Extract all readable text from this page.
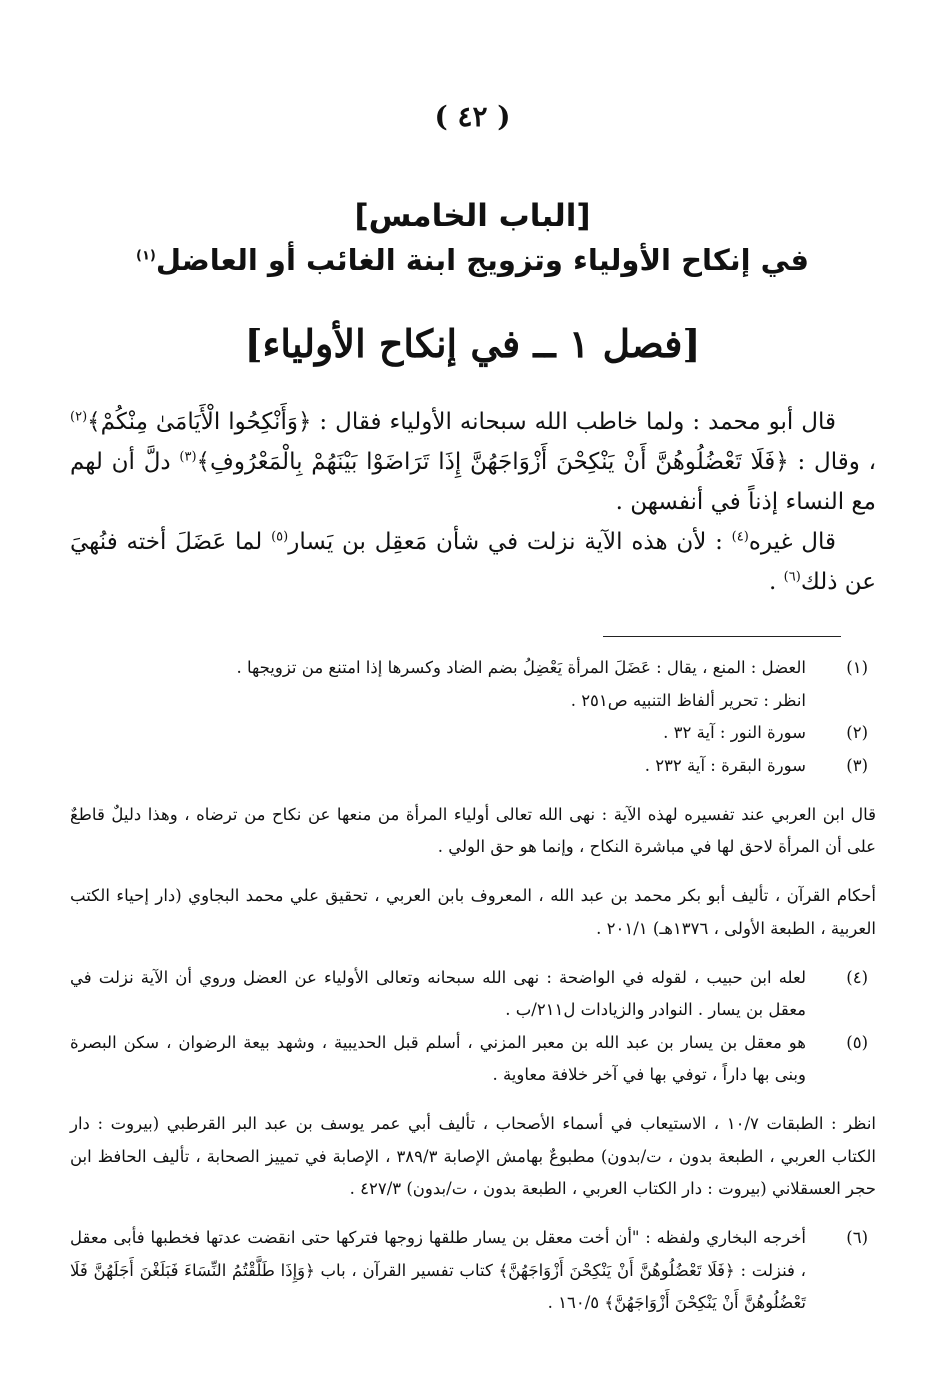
( ٤٢ )
[الباب الخامس]
في إنكاح الأولياء وتزويج ابنة الغائب أو العاضل$^{(١)}$
[فصل ١ ــ في إنكاح الأولياء]

قال أبو محمد : ولما خاطب الله سبحانه الأولياء فقال : ﴿وَأَنْكِحُوا الْأَيَامَىٰ مِنْكُمْ﴾$^{(٢)}$ ، وقال : ﴿فَلَا تَعْضُلُوهُنَّ أَنْ يَنْكِحْنَ أَزْوَاجَهُنَّ إِذَا تَرَاضَوْا بَيْنَهُمْ بِالْمَعْرُوفِ﴾$^{(٣)}$ دلَّ أن لهم مع النساء إذناً في أنفسهن .

قال غيره$^{(٤)}$ : لأن هذه الآية نزلت في شأن مَعقِل بن يَسار$^{(٥)}$ لما عَضَلَ أخته فنُهيَ عن ذلك$^{(٦)}$ .

(١)

العضل : المنع ، يقال : عَضَلَ المرأة يَعْضِلُ بضم الضاد وكسرها إذا امتنع من تزويجها .

انظر : تحرير ألفاظ التنبيه ص٢٥١ .

(٢)

سورة النور : آية ٣٢ .

(٣)

سورة البقرة : آية ٢٣٢ .

قال ابن العربي عند تفسيره لهذه الآية : نهى الله تعالى أولياء المرأة من منعها عن نكاح من ترضاه ، وهذا دليلٌ قاطعٌ على أن المرأة لاحق لها في مباشرة النكاح ، وإنما هو حق الولي .

أحكام القرآن ، تأليف أبو بكر محمد بن عبد الله ، المعروف بابن العربي ، تحقيق علي محمد البجاوي (دار إحياء الكتب العربية ، الطبعة الأولى ، ١٣٧٦هـ) ٢٠١/١ .

(٤)

لعله ابن حبيب ، لقوله في الواضحة : نهى الله سبحانه وتعالى الأولياء عن العضل وروي أن الآية نزلت في معقل بن يسار . النوادر والزيادات ل٢١١/ب .

(٥)

هو معقل بن يسار بن عبد الله بن معبر المزني ، أسلم قبل الحديبية ، وشهد بيعة الرضوان ، سكن البصرة وبنى بها داراً ، توفي بها في آخر خلافة معاوية .

انظر : الطبقات ١٠/٧ ، الاستيعاب في أسماء الأصحاب ، تأليف أبي عمر يوسف بن عبد البر القرطبي (بيروت : دار الكتاب العربي ، الطبعة بدون ، ت/بدون) مطبوعٌ بهامش الإصابة ٣٨٩/٣ ، الإصابة في تمييز الصحابة ، تأليف الحافظ ابن حجر العسقلاني (بيروت : دار الكتاب العربي ، الطبعة بدون ، ت/بدون) ٤٢٧/٣ .

(٦)

أخرجه البخاري ولفظه : "أن أخت معقل بن يسار طلقها زوجها فتركها حتى انقضت عدتها فخطبها فأبى معقل ، فنزلت : ﴿فَلَا تَعْضُلُوهُنَّ أَنْ يَنْكِحْنَ أَزْوَاجَهُنَّ﴾ كتاب تفسير القرآن ، باب ﴿وَإِذَا طَلَّقْتُمُ النِّسَاءَ فَبَلَغْنَ أَجَلَهُنَّ فَلَا تَعْضُلُوهُنَّ أَنْ يَنْكِحْنَ أَزْوَاجَهُنَّ﴾ ١٦٠/٥ .
